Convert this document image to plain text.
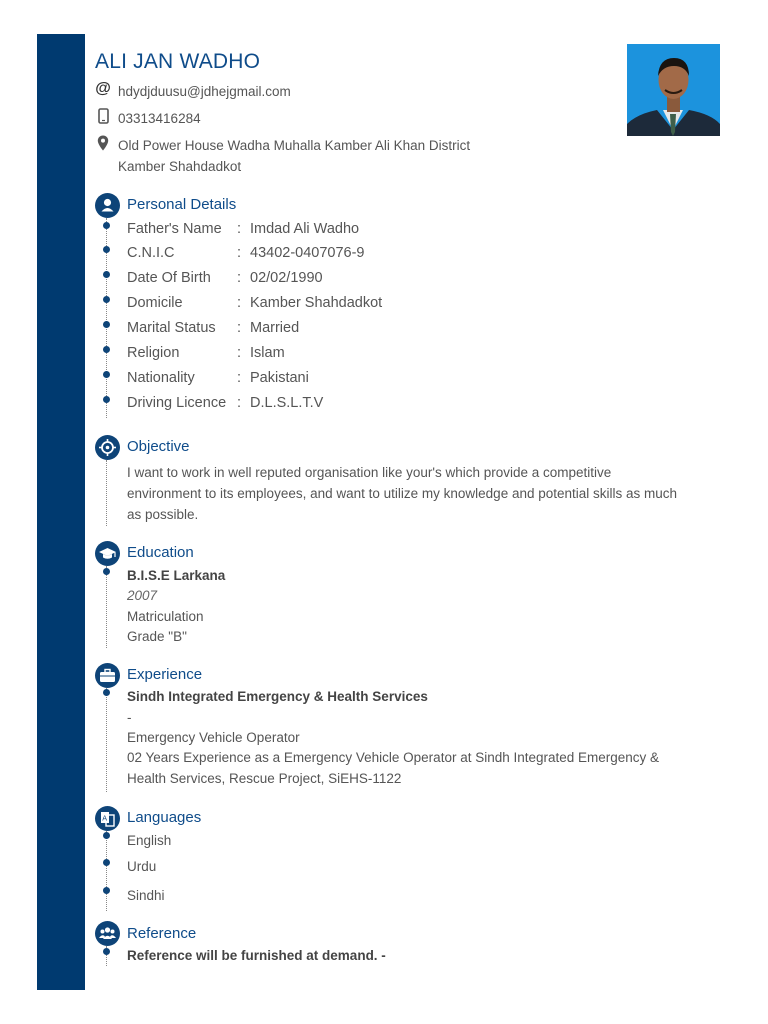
ALI JAN WADHO
@ hdydjduusu@jdhejgmail.com
03313416284
Old Power House Wadha Muhalla Kamber Ali Khan District
Kamber Shahdadkot
Personal Details
Father's Name : Imdad Ali Wadho
C.N.I.C	: 43402-0407076-9
Date Of Birth : 02/02/1990
Domicile	: Kamber Shahdadkot
Marital Status : Married
Religion	: Islam
Nationality	: Pakistani
Driving Licence : D.L.S.L.T.V
Objective
I want to work in well reputed organisation like your's which provide a competitive
environment to its employees, and want to utilize my knowledge and potential skills as much
as possible.
Education
B.I.S.E Larkana
2007
Matriculation
Grade "B"
Experience
Sindh Integrated Emergency & Health Services
-
Emergency Vehicle Operator
02 Years Experience as a Emergency Vehicle Operator at Sindh Integrated Emergency &
Health Services, Rescue Project, SiEHS-1122
A Languages
English
Urdu
Sindhi
Reference
Reference will be furnished at demand. -
